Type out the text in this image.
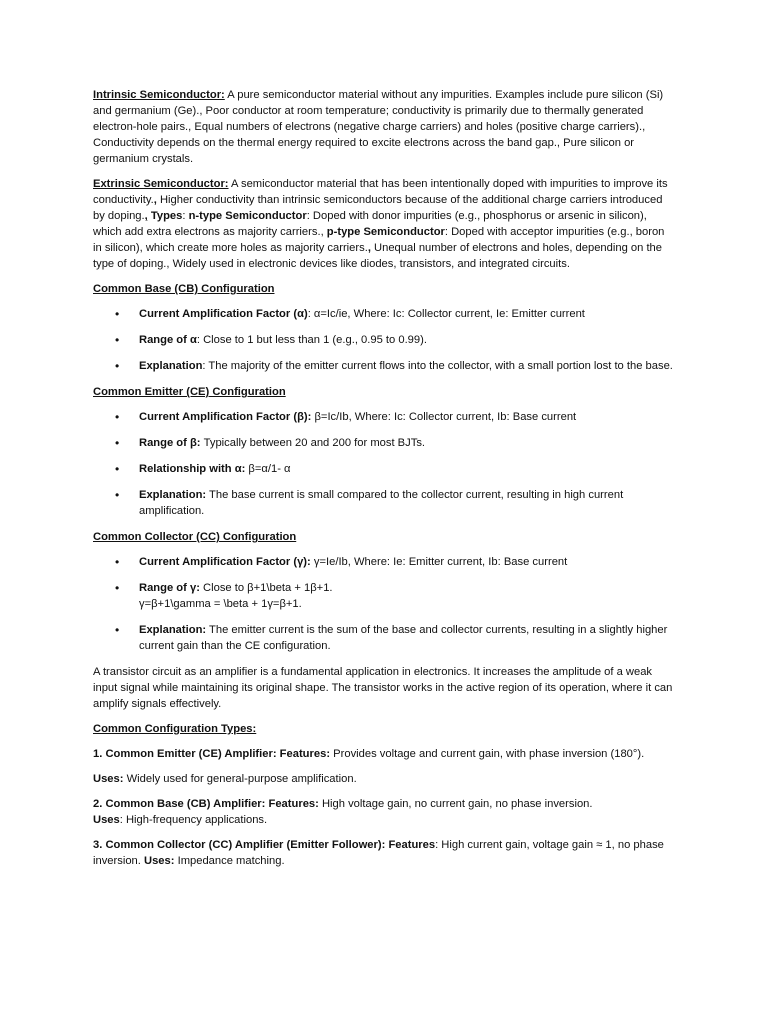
Intrinsic Semiconductor: A pure semiconductor material without any impurities. Examples include pure silicon (Si) and germanium (Ge)., Poor conductor at room temperature; conductivity is primarily due to thermally generated electron-hole pairs., Equal numbers of electrons (negative charge carriers) and holes (positive charge carriers)., Conductivity depends on the thermal energy required to excite electrons across the band gap., Pure silicon or germanium crystals.

Extrinsic Semiconductor: A semiconductor material that has been intentionally doped with impurities to improve its conductivity., Higher conductivity than intrinsic semiconductors because of the additional charge carriers introduced by doping., Types: n-type Semiconductor: Doped with donor impurities (e.g., phosphorus or arsenic in silicon), which add extra electrons as majority carriers., p-type Semiconductor: Doped with acceptor impurities (e.g., boron in silicon), which create more holes as majority carriers., Unequal number of electrons and holes, depending on the type of doping., Widely used in electronic devices like diodes, transistors, and integrated circuits.

Common Base (CB) Configuration
• Current Amplification Factor (α): α=Ic/ie, Where: Ic: Collector current, Ie: Emitter current
• Range of α: Close to 1 but less than 1 (e.g., 0.95 to 0.99).
• Explanation: The majority of the emitter current flows into the collector, with a small portion lost to the base.
Common Emitter (CE) Configuration
• Current Amplification Factor (β): β=Ic/Ib, Where: Ic: Collector current, Ib: Base current
• Range of β: Typically between 20 and 200 for most BJTs.
• Relationship with α: β=α/1- α
• Explanation: The base current is small compared to the collector current, resulting in high current amplification.
Common Collector (CC) Configuration
• Current Amplification Factor (γ): γ=Ie/Ib, Where: Ie: Emitter current, Ib: Base current
• Range of γ: Close to β+1\beta + 1β+1.
γ=β+1\gamma = \beta + 1γ=β+1.
• Explanation: The emitter current is the sum of the base and collector currents, resulting in a slightly higher current gain than the CE configuration.

A transistor circuit as an amplifier is a fundamental application in electronics. It increases the amplitude of a weak input signal while maintaining its original shape. The transistor works in the active region of its operation, where it can amplify signals effectively.

Common Configuration Types:

1. Common Emitter (CE) Amplifier: Features: Provides voltage and current gain, with phase inversion (180°).

Uses: Widely used for general-purpose amplification.

2. Common Base (CB) Amplifier: Features: High voltage gain, no current gain, no phase inversion.
Uses: High-frequency applications.

3. Common Collector (CC) Amplifier (Emitter Follower): Features: High current gain, voltage gain ≈ 1, no phase inversion. Uses: Impedance matching.
